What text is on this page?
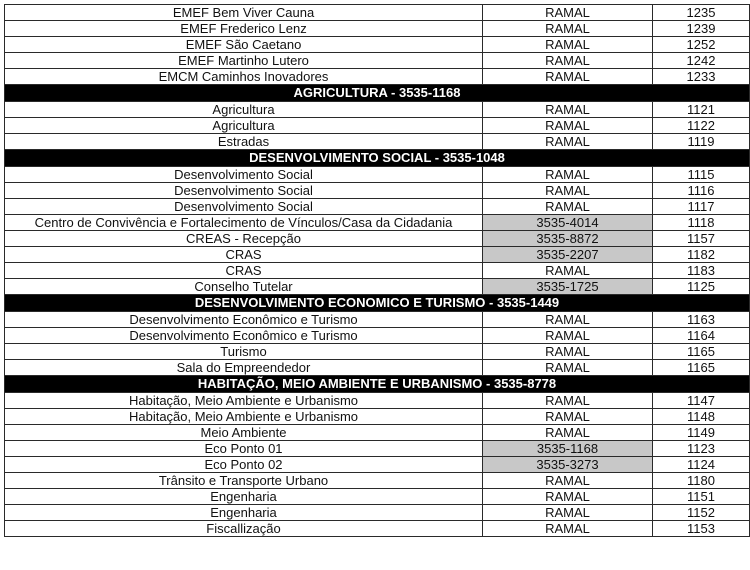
EMEF Bem Viver Cauna	RAMAL	1235
EMEF Frederico Lenz	RAMAL	1239
EMEF São Caetano	RAMAL	1252
EMEF Martinho Lutero	RAMAL	1242
EMCM Caminhos Inovadores	RAMAL	1233
AGRICULTURA - 3535-1168		
Agricultura	RAMAL	1121
Agricultura	RAMAL	1122
Estradas	RAMAL	1119
DESENVOLVIMENTO SOCIAL - 3535-1048		
Desenvolvimento Social	RAMAL	1115
Desenvolvimento Social	RAMAL	1116
Desenvolvimento Social	RAMAL	1117
Centro de Convivência e Fortalecimento de Vínculos/Casa da Cidadania	3535-4014	1118
CREAS - Recepção	3535-8872	1157
CRAS	3535-2207	1182
CRAS	RAMAL	1183
Conselho Tutelar	3535-1725	1125
DESENVOLVIMENTO ECONOMICO E TURISMO - 3535-1449		
Desenvolvimento Econômico e Turismo	RAMAL	1163
Desenvolvimento Econômico e Turismo	RAMAL	1164
Turismo	RAMAL	1165
Sala do Empreendedor	RAMAL	1165
HABITAÇÃO, MEIO AMBIENTE E URBANISMO - 3535-8778		
Habitação, Meio Ambiente e Urbanismo	RAMAL	1147
Habitação, Meio Ambiente e Urbanismo	RAMAL	1148
Meio Ambiente	RAMAL	1149
Eco Ponto 01	3535-1168	1123
Eco Ponto 02	3535-3273	1124
Trânsito e Transporte Urbano	RAMAL	1180
Engenharia	RAMAL	1151
Engenharia	RAMAL	1152
Fiscallização	RAMAL	1153
